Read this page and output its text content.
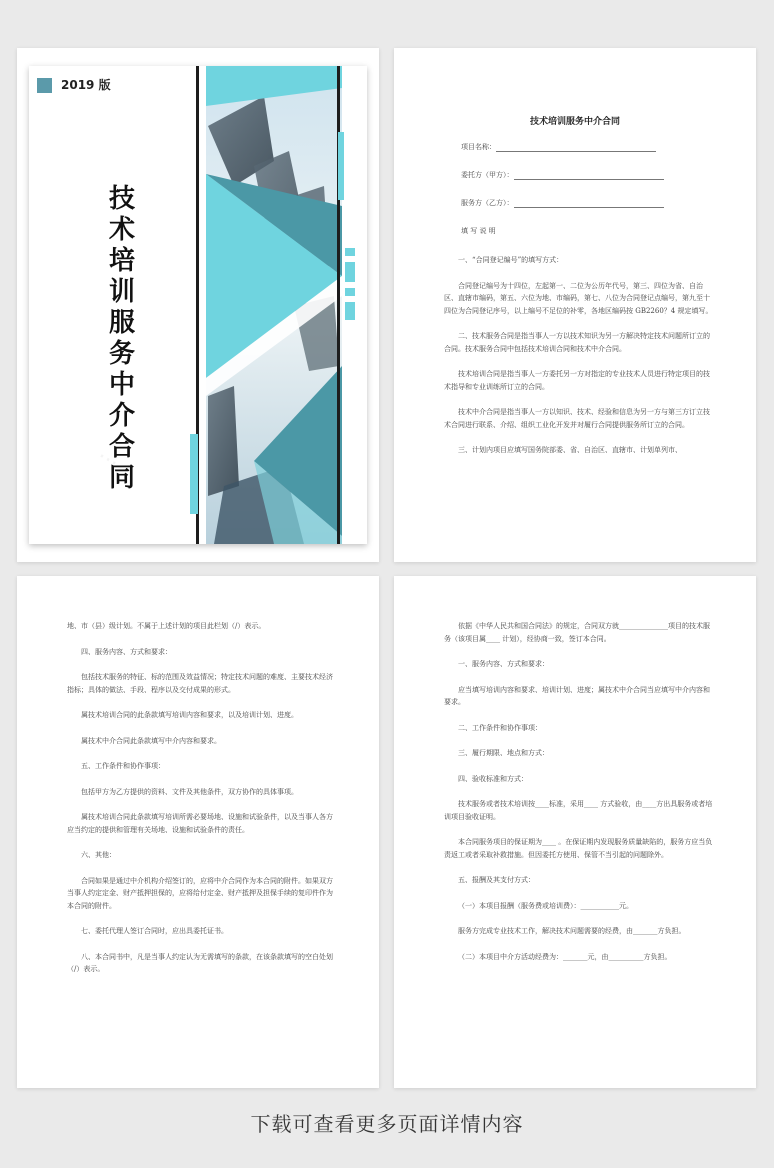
2019 版
技术培训服务中介合同
技术培训服务中介合同
项目名称：
委托方（甲方）：
服务方（乙方）：
填 写 说 明

一、“合同登记编号”的填写方式：

合同登记编号为十四位，左起第一、二位为公历年代号，第三、四位为省、自治区、直辖市编码，第五、六位为地、市编码，第七、八位为合同登记点编号，第九至十四位为合同登记序号，以上编号不足位的补零，各地区编码按 GB2260？4 规定填写。

二、技术服务合同是指当事人一方以技术知识为另一方解决特定技术问题所订立的合同。技术服务合同中包括技术培训合同和技术中介合同。

技术培训合同是指当事人一方委托另一方对指定的专业技术人员进行特定项目的技术指导和专业训练所订立的合同。

技术中介合同是指当事人一方以知识、技术、经验和信息为另一方与第三方订立技术合同进行联系、介绍、组织工业化开发并对履行合同提供服务所订立的合同。

三、计划内项目应填写国务院部委、省、自治区、直辖市、计划单列市、

地、市（县）级计划。不属于上述计划的项目此栏划（/）表示。

四、服务内容、方式和要求：

包括技术服务的特征、标的范围及效益情况；特定技术问题的难度、主要技术经济指标；具体的做法、手段、程序以及交付成果的形式。

属技术培训合同的此条款填写培训内容和要求，以及培训计划、进度。

属技术中介合同此条款填写中介内容和要求。

五、工作条件和协作事项：

包括甲方为乙方提供的资料、文件及其他条件，双方协作的具体事项。

属技术培训合同此条款填写培训所需必要场地、设施和试验条件，以及当事人各方应当约定的提供和管理有关场地、设施和试验条件的责任。

六、其他：

合同如果是通过中介机构介绍签订的，应将中介合同作为本合同的附件。如果双方当事人约定定金、财产抵押担保的，应将给付定金、财产抵押及担保手续的复印件作为本合同的附件。

七、委托代理人签订合同时，应出具委托证书。

八、本合同书中，凡是当事人约定认为无需填写的条款，在该条款填写的空白处划（/）表示。

依据《中华人民共和国合同法》的规定，合同双方就______________项目的技术服务（该项目属____ 计划），经协商一致，签订本合同。

一、服务内容、方式和要求：

应当填写培训内容和要求、培训计划、进度；属技术中介合同当应填写中介内容和要求。

二、工作条件和协作事项：

三、履行期限、地点和方式：

四、验收标准和方式：

技术服务或者技术培训按____标准，采用____ 方式验收，由____方出具服务或者培训项目验收证明。

本合同服务项目的保证期为____ 。在保证期内发现服务质量缺陷的，服务方应当负责返工或者采取补救措施。但因委托方使用、保管不当引起的问题除外。

五、报酬及其支付方式：

（一）本项目报酬（服务费或培训费）：___________元。

服务方完成专业技术工作，解决技术问题需要的经费，由_______方负担。

（二）本项目中介方活动经费为：_______元，由__________方负担。

下载可查看更多页面详情内容
